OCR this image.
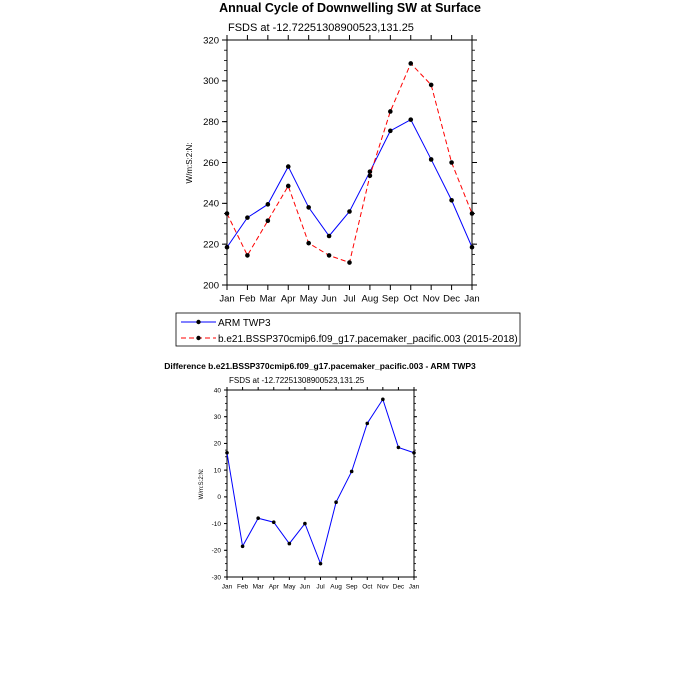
Annual Cycle of Downwelling SW at Surface
FSDS at -12.72251308900523,131.25
W/m:S:2:N:
200
220
240
260
280
300
320
Jan Feb Mar Apr May Jun Jul Aug Sep Oct Nov Dec Jan
ARM TWP3
b.e21.BSSP370cmip6.f09_g17.pacemaker_pacific.003 (2015-2018)
Difference b.e21.BSSP370cmip6.f09_g17.pacemaker_pacific.003 - ARM TWP3
FSDS at -12.72251308900523,131.25
W/m:S:2:N:
-30
-20
-10
0
10
20
30
40
Jan Feb Mar Apr May Jun Jul Aug Sep Oct Nov Dec Jan
